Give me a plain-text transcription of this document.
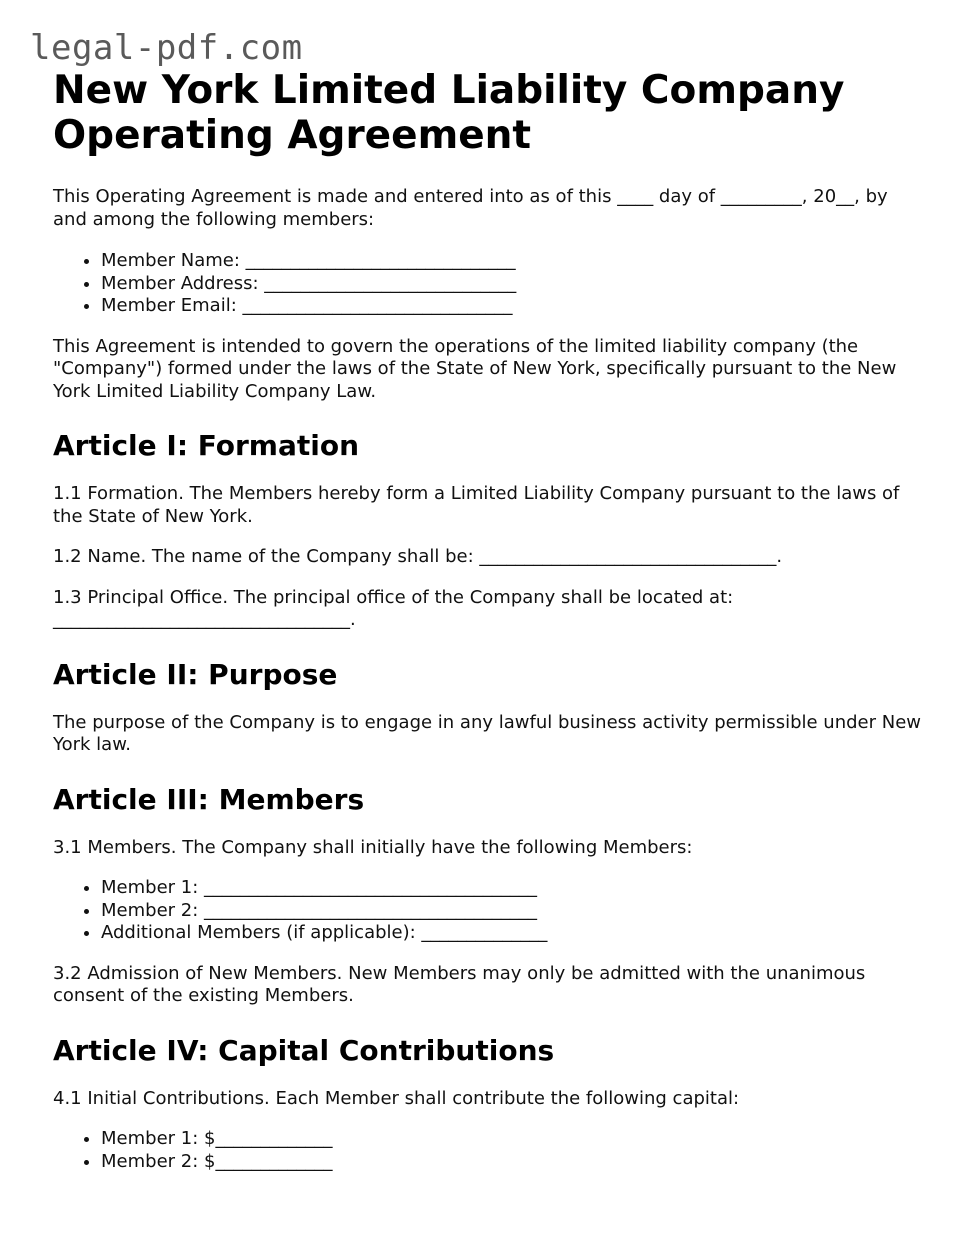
legal-pdf.com
New York Limited Liability Company Operating Agreement

This Operating Agreement is made and entered into as of this ____ day of _________, 20__, by and among the following members:

• Member Name: ______________________________
• Member Address: ____________________________
• Member Email: ______________________________

This Agreement is intended to govern the operations of the limited liability company (the "Company") formed under the laws of the State of New York, specifically pursuant to the New York Limited Liability Company Law.

Article I: Formation

1.1 Formation. The Members hereby form a Limited Liability Company pursuant to the laws of the State of New York.

1.2 Name. The name of the Company shall be: _________________________________.

1.3 Principal Office. The principal office of the Company shall be located at: _________________________________.

Article II: Purpose

The purpose of the Company is to engage in any lawful business activity permissible under New York law.

Article III: Members

3.1 Members. The Company shall initially have the following Members:

• Member 1: _____________________________________
• Member 2: _____________________________________
• Additional Members (if applicable): ______________

3.2 Admission of New Members. New Members may only be admitted with the unanimous consent of the existing Members.

Article IV: Capital Contributions

4.1 Initial Contributions. Each Member shall contribute the following capital:

• Member 1: $_____________
• Member 2: $_____________
